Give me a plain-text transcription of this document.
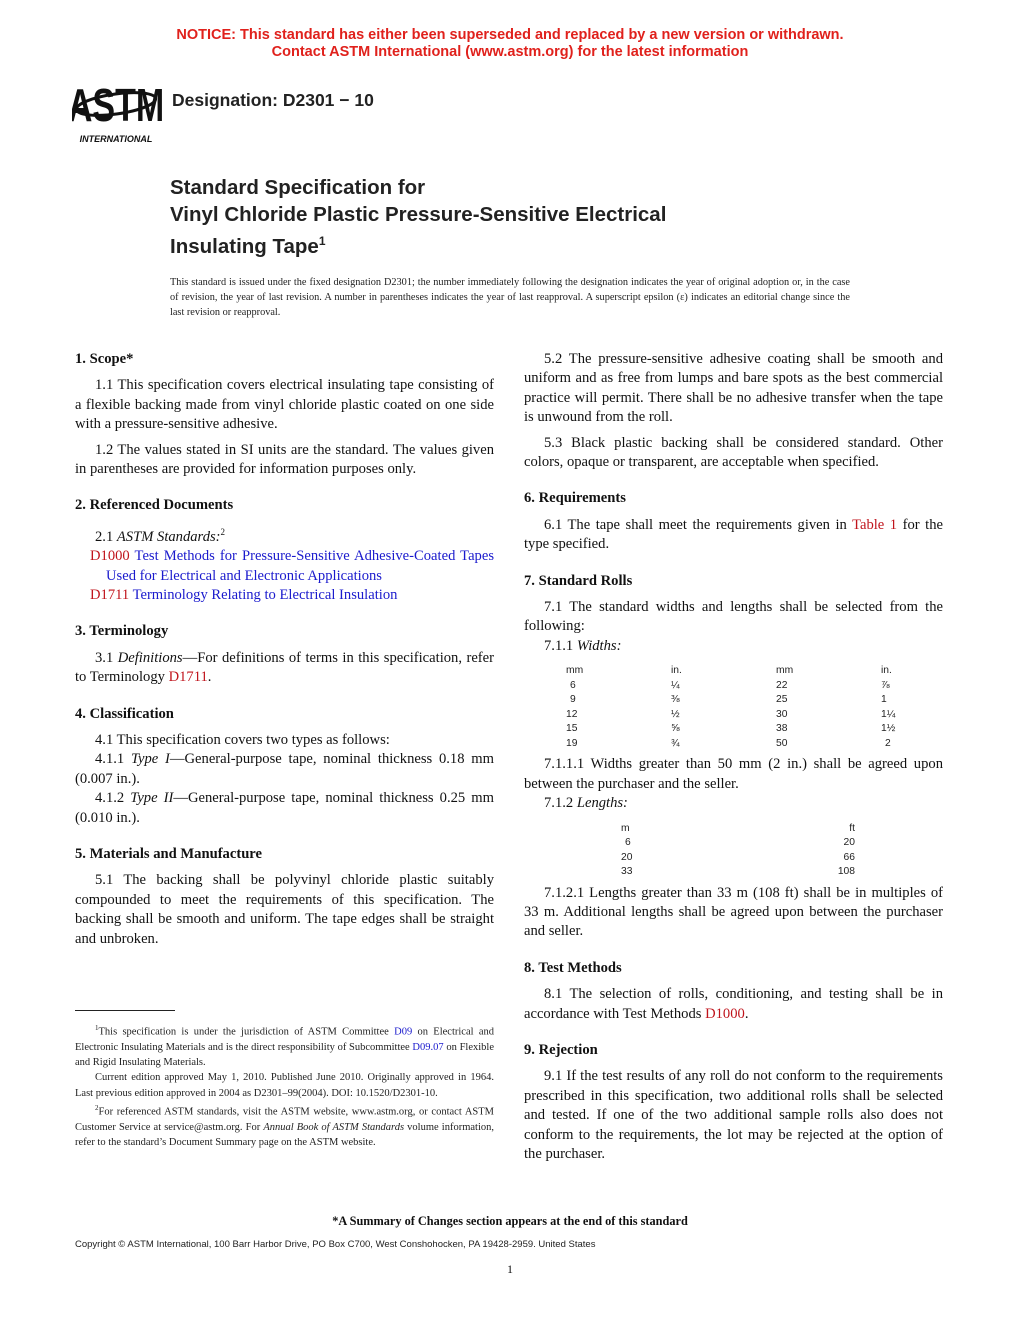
NOTICE: This standard has either been superseded and replaced by a new version or withdrawn.
Contact ASTM International (www.astm.org) for the latest information
ASTM
INTERNATIONAL
Designation: D2301 − 10
Standard Specification for
Vinyl Chloride Plastic Pressure-Sensitive Electrical
Insulating Tape$^1$
This standard is issued under the fixed designation D2301; the number immediately following the designation indicates the year of original adoption or, in the case of revision, the year of last revision. A number in parentheses indicates the year of last reapproval. A superscript epsilon (ε) indicates an editorial change since the last revision or reapproval.
1. Scope*

1.1 This specification covers electrical insulating tape consisting of a flexible backing made from vinyl chloride plastic coated on one side with a pressure-sensitive adhesive.

1.2 The values stated in SI units are the standard. The values given in parentheses are provided for information purposes only.

2. Referenced Documents

2.1 ASTM Standards:$^2$

D1000 Test Methods for Pressure-Sensitive Adhesive-Coated Tapes Used for Electrical and Electronic Applications

D1711 Terminology Relating to Electrical Insulation

3. Terminology

3.1 Definitions—For definitions of terms in this specification, refer to Terminology D1711.

4. Classification

4.1 This specification covers two types as follows:

4.1.1 Type I—General-purpose tape, nominal thickness 0.18 mm (0.007 in.).

4.1.2 Type II—General-purpose tape, nominal thickness 0.25 mm (0.010 in.).

5. Materials and Manufacture

5.1 The backing shall be polyvinyl chloride plastic suitably compounded to meet the requirements of this specification. The backing shall be smooth and uniform. The tape edges shall be straight and unbroken.

$^1$This specification is under the jurisdiction of ASTM Committee D09 on Electrical and Electronic Insulating Materials and is the direct responsibility of Subcommittee D09.07 on Flexible and Rigid Insulating Materials.

Current edition approved May 1, 2010. Published June 2010. Originally approved in 1964. Last previous edition approved in 2004 as D2301–99(2004). DOI: 10.1520/D2301-10.

$^2$For referenced ASTM standards, visit the ASTM website, www.astm.org, or contact ASTM Customer Service at service@astm.org. For Annual Book of ASTM Standards volume information, refer to the standard’s Document Summary page on the ASTM website.

5.2 The pressure-sensitive adhesive coating shall be smooth and uniform and as free from lumps and bare spots as the best commercial practice will permit. There shall be no adhesive transfer when the tape is unwound from the roll.

5.3 Black plastic backing shall be considered standard. Other colors, opaque or transparent, are acceptable when specified.

6. Requirements

6.1 The tape shall meet the requirements given in Table 1 for the type specified.

7. Standard Rolls

7.1 The standard widths and lengths shall be selected from the following:

7.1.1 Widths:

mm	in.	mm	in.
6	¼	22	⅞
9	⅜	25	1
12	½	30	1¼
15	⅝	38	1½
19	¾	50	2

7.1.1.1 Widths greater than 50 mm (2 in.) shall be agreed upon between the purchaser and the seller.

7.1.2 Lengths:

m	ft
6	20
20	66
33	108

7.1.2.1 Lengths greater than 33 m (108 ft) shall be in multiples of 33 m. Additional lengths shall be agreed upon between the purchaser and seller.

8. Test Methods

8.1 The selection of rolls, conditioning, and testing shall be in accordance with Test Methods D1000.

9. Rejection

9.1 If the test results of any roll do not conform to the requirements prescribed in this specification, two additional rolls shall be selected and tested. If one of the two additional sample rolls also does not conform to the requirements, the lot may be rejected at the option of the purchaser.

*A Summary of Changes section appears at the end of this standard
Copyright © ASTM International, 100 Barr Harbor Drive, PO Box C700, West Conshohocken, PA 19428-2959. United States
1
